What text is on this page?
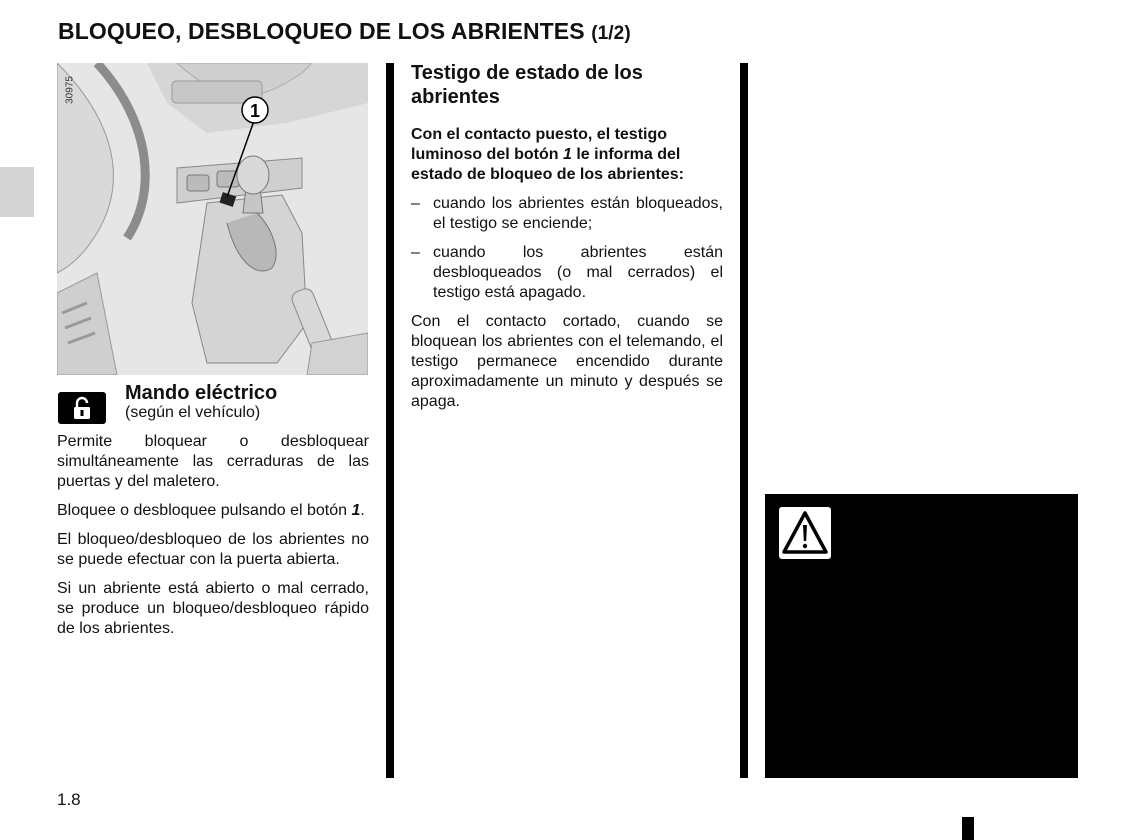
BLOQUEO, DESBLOQUEO DE LOS ABRIENTES (1/2)
1
30975
Mando eléctrico
(según el vehículo)

Permite bloquear o desbloquear simultáneamente las cerraduras de las puertas y del maletero.

Bloquee o desbloquee pulsando el botón 1.

El bloqueo/desbloqueo de los abrientes no se puede efectuar con la puerta abierta.

Si un abriente está abierto o mal cerrado, se produce un bloqueo/desbloqueo rápido de los abrientes.

Testigo de estado de los abrientes

Con el contacto puesto, el testigo luminoso del botón 1 le informa del estado de bloqueo de los abrientes:

– cuando los abrientes están bloqueados, el testigo se enciende;
– cuando los abrientes están desbloqueados (o mal cerrados) el testigo está apagado.

Con el contacto cortado, cuando se bloquean los abrientes con el telemando, el testigo permanece encendido durante aproximadamente un minuto y después se apaga.

1.8
